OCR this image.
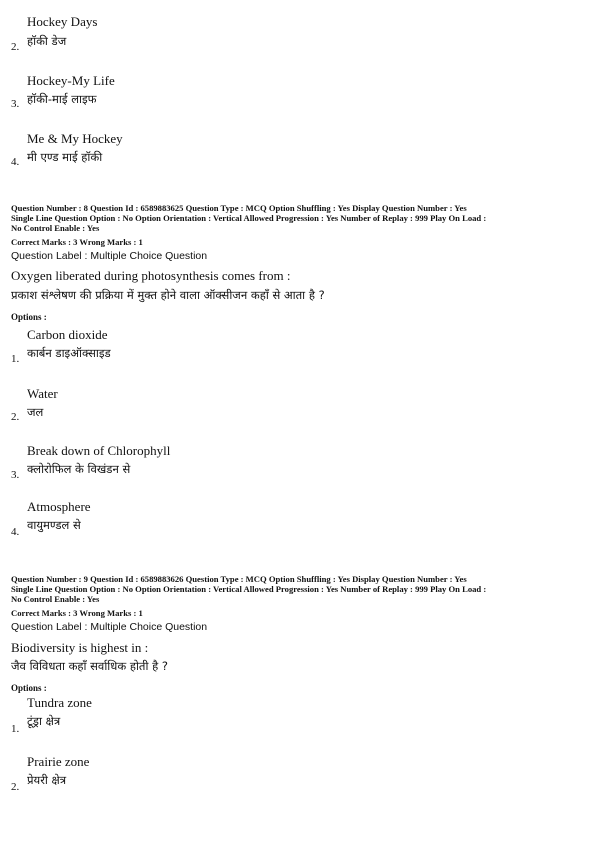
Hockey Days
2. हॉकी डेज
Hockey-My Life
3. हॉकी-माई लाइफ
Me & My Hockey
4. मी एण्ड माई हॉकी
Question Number : 8 Question Id : 6589883625 Question Type : MCQ Option Shuffling : Yes Display Question Number : Yes
Single Line Question Option : No Option Orientation : Vertical Allowed Progression : Yes Number of Replay : 999 Play On Load :
No Control Enable : Yes
Correct Marks : 3 Wrong Marks : 1
Question Label : Multiple Choice Question
Oxygen liberated during photosynthesis comes from :
प्रकाश संश्लेषण की प्रक्रिया में मुक्त होने वाला ऑक्सीजन कहाँ से आता है ?
Options :
Carbon dioxide
1. कार्बन डाइऑक्साइड
Water
2. जल
Break down of Chlorophyll
3. क्लोरोफिल के विखंडन से
Atmosphere
4. वायुमण्डल से
Question Number : 9 Question Id : 6589883626 Question Type : MCQ Option Shuffling : Yes Display Question Number : Yes
Single Line Question Option : No Option Orientation : Vertical Allowed Progression : Yes Number of Replay : 999 Play On Load :
No Control Enable : Yes
Correct Marks : 3 Wrong Marks : 1
Question Label : Multiple Choice Question
Biodiversity is highest in :
जैव विविधता कहाँ सर्वाधिक होती है ?
Options :
Tundra zone
1.
टूंड्रा क्षेत्र
Prairie zone
2. प्रेयरी क्षेत्र
